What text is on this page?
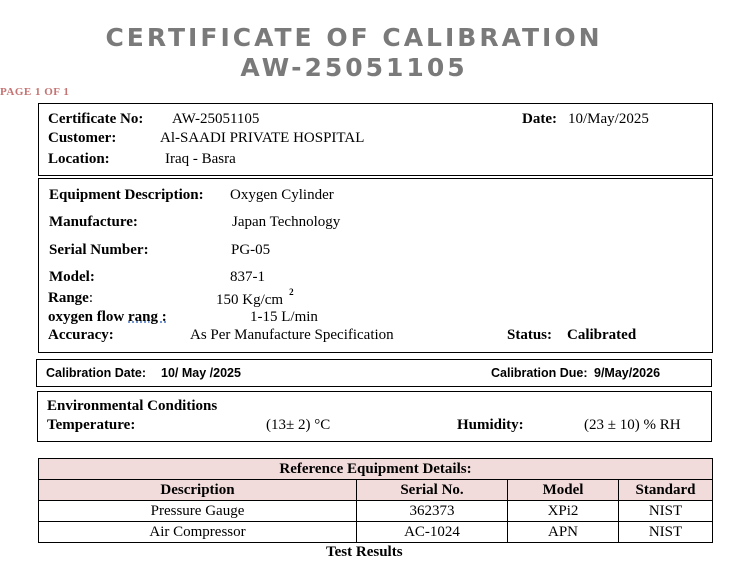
CERTIFICATE OF CALIBRATION
AW-25051105
PAGE 1 OF 1
Certificate No: AW-25051105	Date: 10/May/2025
Customer:	Al-SAADI PRIVATE HOSPITAL
Location:	Iraq - Basra
Equipment Description: Oxygen Cylinder
Manufacture:	Japan Technology
Serial Number:	PG-05
Model:	837-1
Range:	150 Kg/cm $^2$
oxygen flow rang :	1-15 L/min
Accuracy:	As Per Manufacture Specification	Status: Calibrated
Calibration Date: 10/ May /2025	Calibration Due: 9/May/2026
Environmental Conditions
Temperature:	(13± 2) °C	Humidity:	(23 ± 10) % RH
Reference Equipment Details:			
Description	Serial No.	Model	Standard
Pressure Gauge	362373	XPi2	NIST
Air Compressor	AC-1024	APN	NIST
Test Results
